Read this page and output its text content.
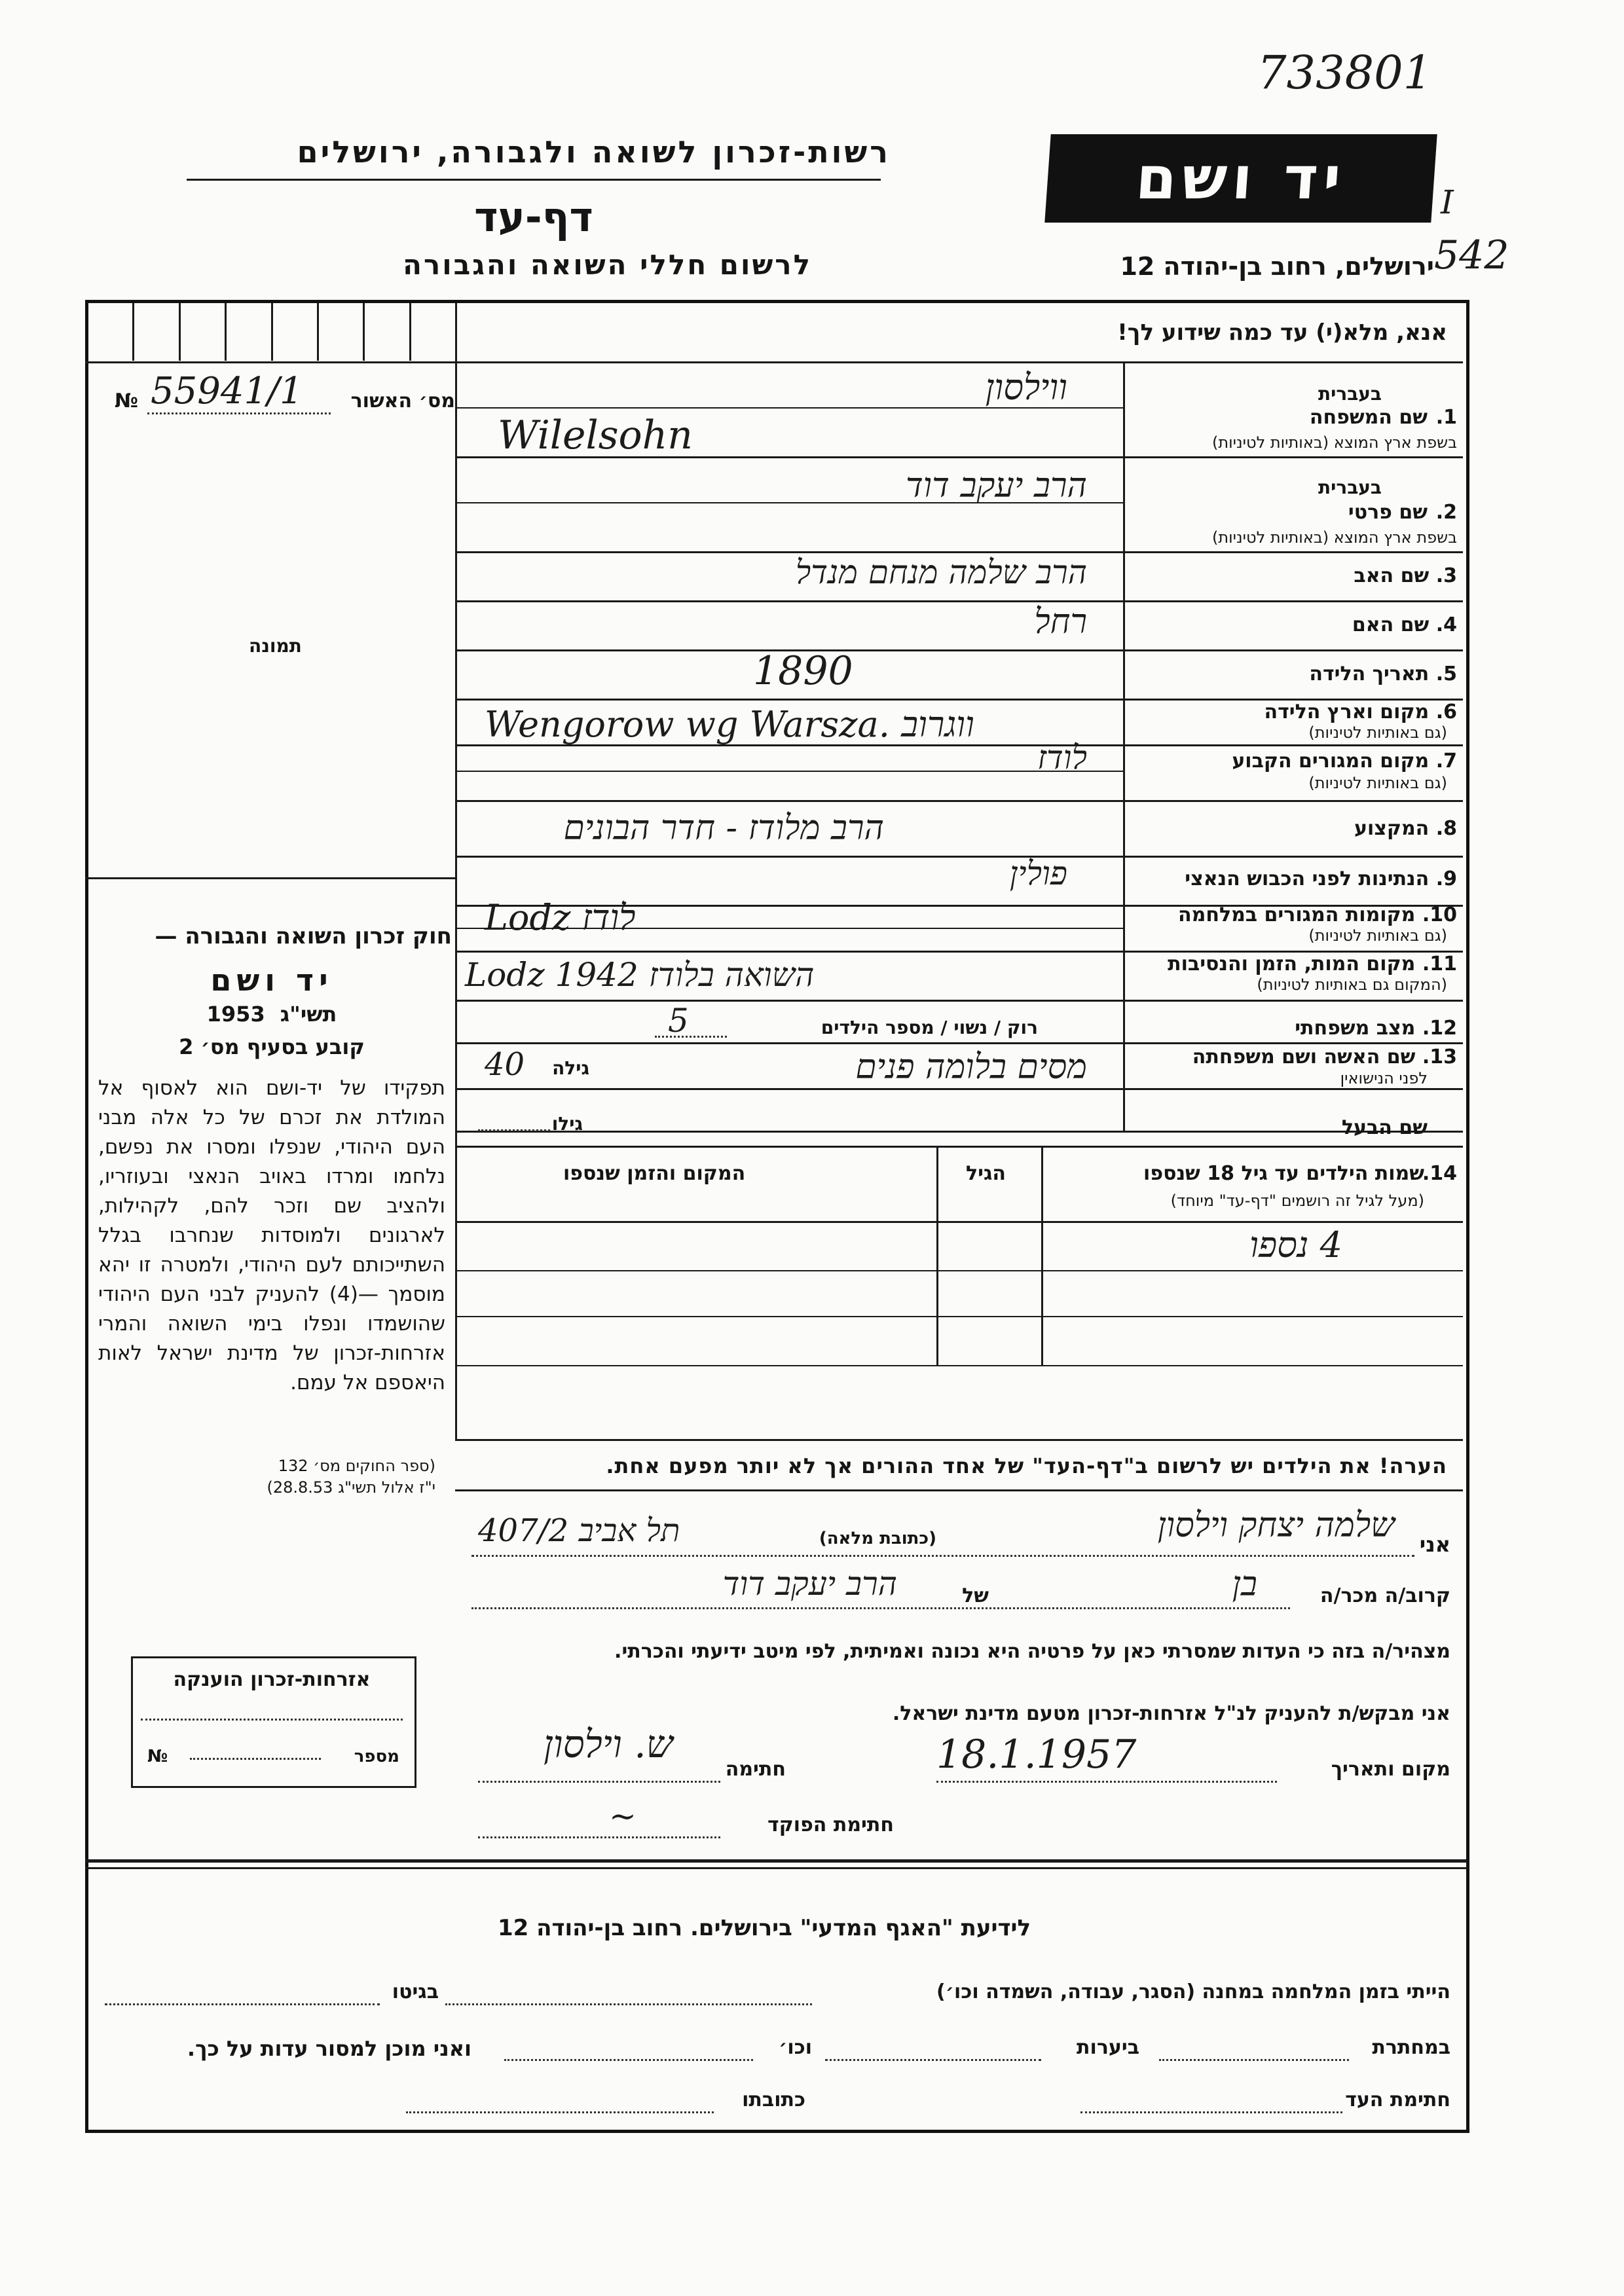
733801
Ⅰ
542
רשות-זכרון לשואה ולגבורה, ירושלים
דף-עד
לרשום חללי השואה והגבורה
יד ושם
ירושלים, רחוב בן-יהודה 12
אנא, מלא(י) עד כמה שידוע לך!
מס׳ האשור
№ 55941/1
תמונה
חוק זכרון השואה והגבורה —
יד ושם
1953 תשי"ג
קובע בסעיף מס׳ 2
תפקידו של יד-ושם הוא לאסוף אל המולדת את זכרם של כל אלה מבני העם היהודי, שנפלו ומסרו את נפשם, נלחמו ומרדו באויב הנאצי ובעוזריו, ולהציב שם וזכר להם, לקהילות, לארגונים ולמוסדות שנחרבו בגלל השתייכותם לעם היהודי, ולמטרה זו יהא מוסמך —(4) להעניק לבני העם היהודי שהושמדו ונפלו בימי השואה והמרי אזרחות-זכרון של מדינת ישראל לאות היאספם אל עמם.
(ספר החוקים מס׳ 132
י"ז אלול תשי"ג 28.8.53)
1.
שם המשפחה
בעברית
בשפת ארץ המוצא (באותיות לטיניות)
ווילסון
Wilelsohn
2.
שם פרטי
בעברית
בשפת ארץ המוצא (באותיות לטיניות)
הרב יעקב דוד
3. שם האב
הרב שלמה מנחם מנדל
4. שם האם
רחל
5. תאריך הלידה
1890
6. מקום וארץ הלידה
(גם באותיות לטיניות)
Wengorow wg Warsza. ווגרוב
7. מקום המגורים הקבוע
(גם באותיות לטיניות)
לודז
8. המקצוע
הרב מלודז - חדר הבונים
9. הנתינות לפני הכבוש הנאצי
פולין
10. מקומות המגורים במלחמה
(גם באותיות לטיניות)
Lodz לודז
11. מקום המות, הזמן והנסיבות
(המקום גם באותיות לטיניות)
Lodz 1942 השואה בלודז
12. מצב משפחתי
רוק / נשוי / מספר הילדים
5
13. שם האשה ושם משפחתה
לפני הנישואין
מסים בלומה פנים
גילה
40
שם הבעל
גילו
14.
שמות הילדים עד גיל 18 שנספו
(מעל לגיל זה רושמים "דף-עד" מיוחד)
הגיל
המקום והזמן שנספו
4 נספו
הערה! את הילדים יש לרשום ב"דף-העד" של אחד ההורים אך לא יותר מפעם אחת.
אני
שלמה יצחק וילסון
(כתובת מלאה)
תל אביב 407/2
קרוב/ה מכר/ה
בן
של
הרב יעקב דוד
מצהיר/ה בזה כי העדות שמסרתי כאן על פרטיה היא נכונה ואמיתית, לפי מיטב ידיעתי והכרתי.
אזרחות-זכרון הוענקה
מספר
№
אני מבקש/ת להעניק לנ"ל אזרחות-זכרון מטעם מדינת ישראל.
מקום ותאריך
18.1.1957
חתימה
ש. וילסון
חתימת הפוקד
~
לידיעת "האגף המדעי" בירושלים. רחוב בן-יהודה 12
הייתי בזמן המלחמה במחנה (הסגר, עבודה, השמדה וכו׳)
בגיטו
במחתרת
ביערות
וכו׳
ואני מוכן למסור עדות על כך.
חתימת העד
כתובתו
